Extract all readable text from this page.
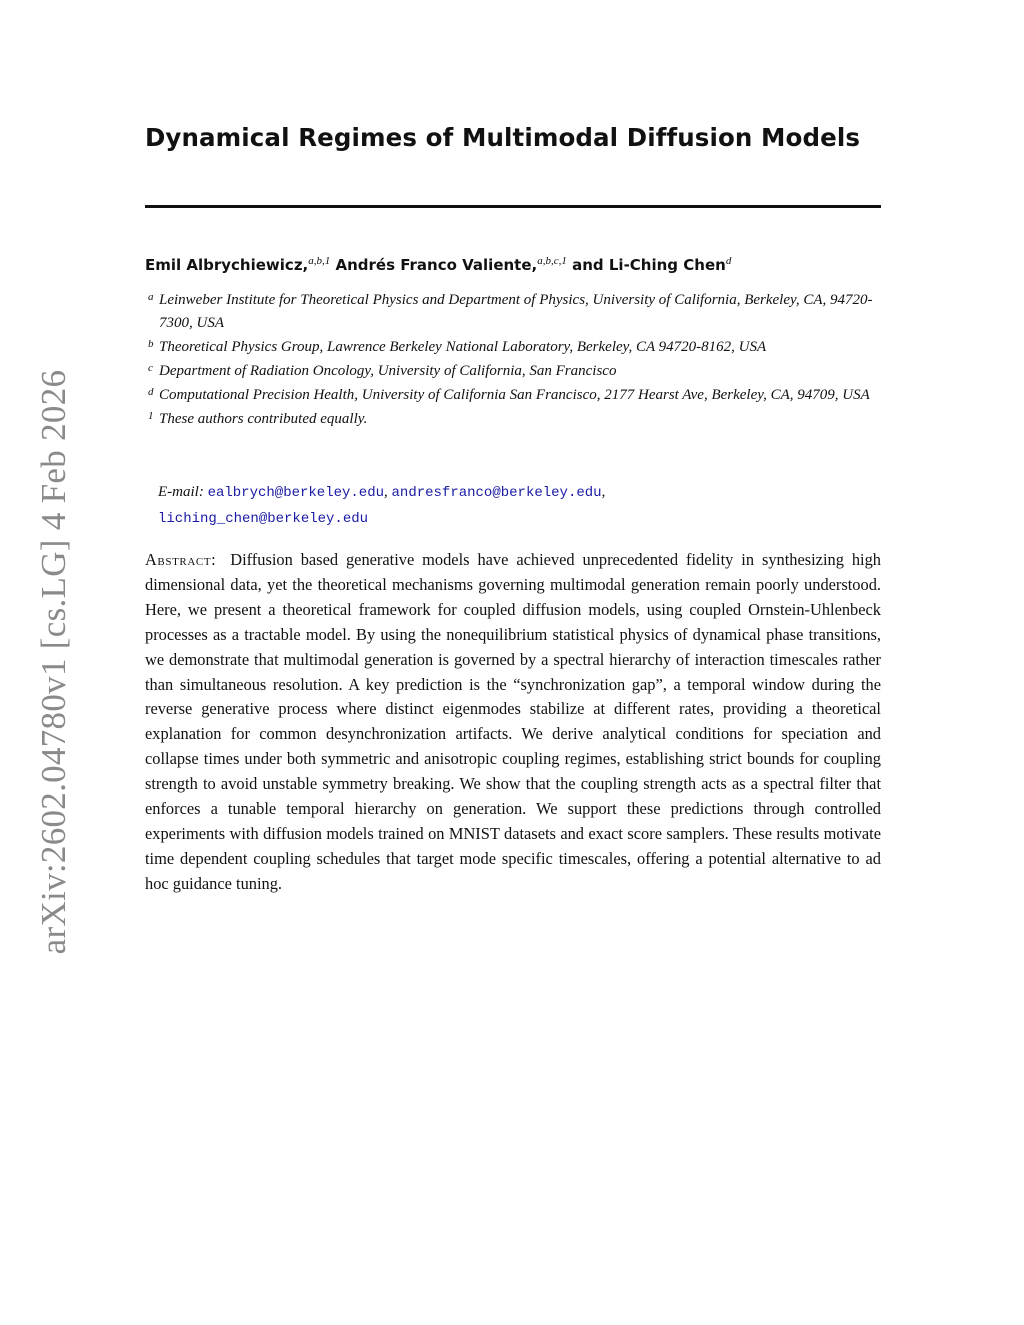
arXiv:2602.04780v1 [cs.LG] 4 Feb 2026
Dynamical Regimes of Multimodal Diffusion Models
Emil Albrychiewicz,$^{a,b,1}$ Andrés Franco Valiente,$^{a,b,c,1}$ and Li-Ching Chen$^d$
a Leinweber Institute for Theoretical Physics and Department of Physics, University of California, Berkeley, CA, 94720-7300, USA
b Theoretical Physics Group, Lawrence Berkeley National Laboratory, Berkeley, CA 94720-8162, USA
c Department of Radiation Oncology, University of California, San Francisco
d Computational Precision Health, University of California San Francisco, 2177 Hearst Ave, Berkeley, CA, 94709, USA
1 These authors contributed equally.
E-mail: ealbrych@berkeley.edu, andresfranco@berkeley.edu,
liching_chen@berkeley.edu

Abstract: Diffusion based generative models have achieved unprecedented fidelity in synthesizing high dimensional data, yet the theoretical mechanisms governing multimodal generation remain poorly understood. Here, we present a theoretical framework for coupled diffusion models, using coupled Ornstein-Uhlenbeck processes as a tractable model. By using the nonequilibrium statistical physics of dynamical phase transitions, we demonstrate that multimodal generation is governed by a spectral hierarchy of interaction timescales rather than simultaneous resolution. A key prediction is the “synchronization gap”, a temporal window during the reverse generative process where distinct eigenmodes stabilize at different rates, providing a theoretical explanation for common desynchronization artifacts. We derive analytical conditions for speciation and collapse times under both symmetric and anisotropic coupling regimes, establishing strict bounds for coupling strength to avoid unstable symmetry breaking. We show that the coupling strength acts as a spectral filter that enforces a tunable temporal hierarchy on generation. We support these predictions through controlled experiments with diffusion models trained on MNIST datasets and exact score samplers. These results motivate time dependent coupling schedules that target mode specific timescales, offering a potential alternative to ad hoc guidance tuning.
